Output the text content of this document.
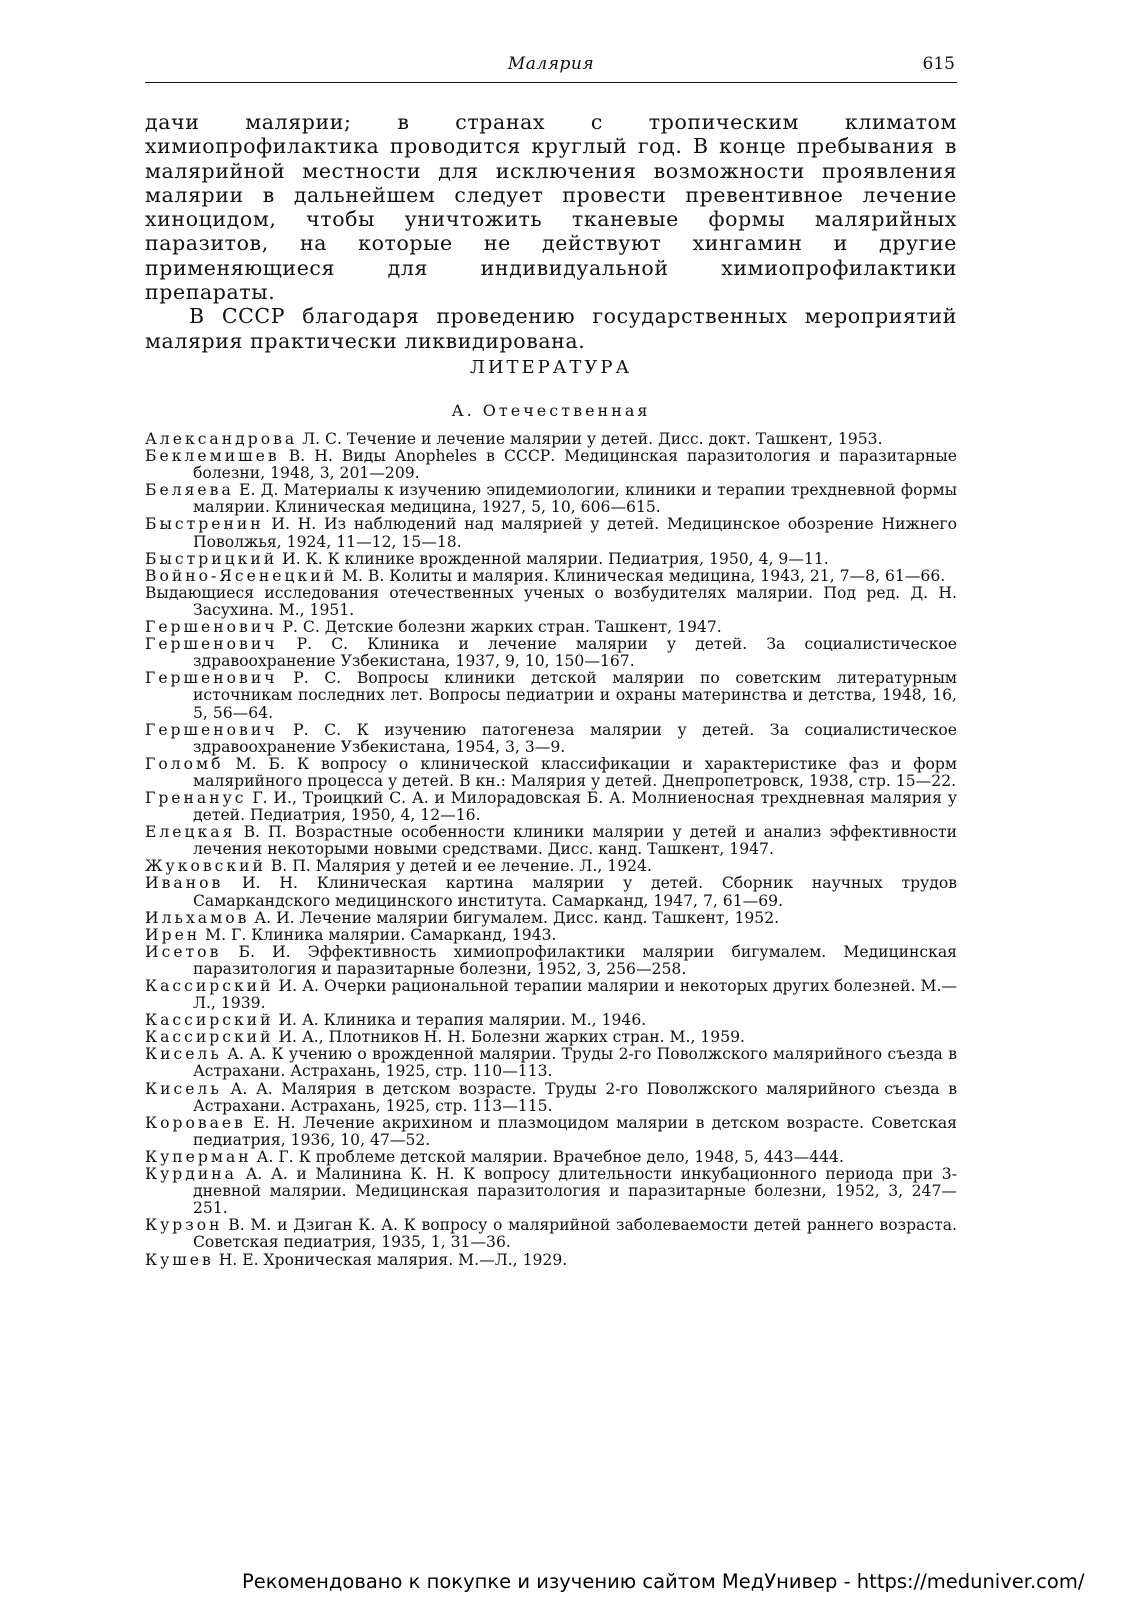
Малярия	615

дачи малярии; в странах с тропическим климатом химиопрофилактика проводится круглый год. В конце пребывания в малярийной местности для исключения возможности проявления малярии в дальнейшем следует провести превентивное лечение хиноцидом, чтобы уничтожить тканевые формы малярийных паразитов, на которые не действуют хингамин и другие применяющиеся для индивидуальной химиопрофилактики препараты.

В СССР благодаря проведению государственных мероприятий малярия практически ликвидирована.

ЛИТЕРАТУРА
А. Отечественная

Александрова Л. С. Течение и лечение малярии у детей. Дисс. докт. Ташкент, 1953.

Беклемишев В. Н. Виды Anopheles в СССР. Медицинская паразитология и паразитарные болезни, 1948, 3, 201—209.

Беляева Е. Д. Материалы к изучению эпидемиологии, клиники и терапии трехдневной формы малярии. Клиническая медицина, 1927, 5, 10, 606—615.

Быстренин И. Н. Из наблюдений над малярией у детей. Медицинское обозрение Нижнего Поволжья, 1924, 11—12, 15—18.

Быстрицкий И. К. К клинике врожденной малярии. Педиатрия, 1950, 4, 9—11.

Войно-Ясенецкий М. В. Колиты и малярия. Клиническая медицина, 1943, 21, 7—8, 61—66.

Выдающиеся исследования отечественных ученых о возбудителях малярии. Под ред. Д. Н. Засухина. М., 1951.

Гершенович Р. С. Детские болезни жарких стран. Ташкент, 1947.

Гершенович Р. С. Клиника и лечение малярии у детей. За социалистическое здравоохранение Узбекистана, 1937, 9, 10, 150—167.

Гершенович Р. С. Вопросы клиники детской малярии по советским литературным источникам последних лет. Вопросы педиатрии и охраны материнства и детства, 1948, 16, 5, 56—64.

Гершенович Р. С. К изучению патогенеза малярии у детей. За социалистическое здравоохранение Узбекистана, 1954, 3, 3—9.

Голомб М. Б. К вопросу о клинической классификации и характеристике фаз и форм малярийного процесса у детей. В кн.: Малярия у детей. Днепропетровск, 1938, стр. 15—22.

Гренанус Г. И., Троицкий С. А. и Милорадовская Б. А. Молниеносная трехдневная малярия у детей. Педиатрия, 1950, 4, 12—16.

Елецкая В. П. Возрастные особенности клиники малярии у детей и анализ эффективности лечения некоторыми новыми средствами. Дисс. канд. Ташкент, 1947.

Жуковский В. П. Малярия у детей и ее лечение. Л., 1924.

Иванов И. Н. Клиническая картина малярии у детей. Сборник научных трудов Самаркандского медицинского института. Самарканд, 1947, 7, 61—69.

Ильхамов А. И. Лечение малярии бигумалем. Дисс. канд. Ташкент, 1952.

Ирен М. Г. Клиника малярии. Самарканд, 1943.

Исетов Б. И. Эффективность химиопрофилактики малярии бигумалем. Медицинская паразитология и паразитарные болезни, 1952, 3, 256—258.

Кассирский И. А. Очерки рациональной терапии малярии и некоторых других болезней. М.—Л., 1939.

Кассирский И. А. Клиника и терапия малярии. М., 1946.

Кассирский И. А., Плотников Н. Н. Болезни жарких стран. М., 1959.

Кисель А. А. К учению о врожденной малярии. Труды 2-го Поволжского малярийного съезда в Астрахани. Астрахань, 1925, стр. 110—113.

Кисель А. А. Малярия в детском возрасте. Труды 2-го Поволжского малярийного съезда в Астрахани. Астрахань, 1925, стр. 113—115.

Короваев Е. Н. Лечение акрихином и плазмоцидом малярии в детском возрасте. Советская педиатрия, 1936, 10, 47—52.

Куперман А. Г. К проблеме детской малярии. Врачебное дело, 1948, 5, 443—444.

Курдина А. А. и Малинина К. Н. К вопросу длительности инкубационного периода при 3-дневной малярии. Медицинская паразитология и паразитарные болезни, 1952, 3, 247—251.

Курзон В. М. и Дзиган К. А. К вопросу о малярийной заболеваемости детей раннего возраста. Советская педиатрия, 1935, 1, 31—36.

Кушев Н. Е. Хроническая малярия. М.—Л., 1929.

Рекомендовано к покупке и изучению сайтом МедУнивер - https://meduniver.com/
